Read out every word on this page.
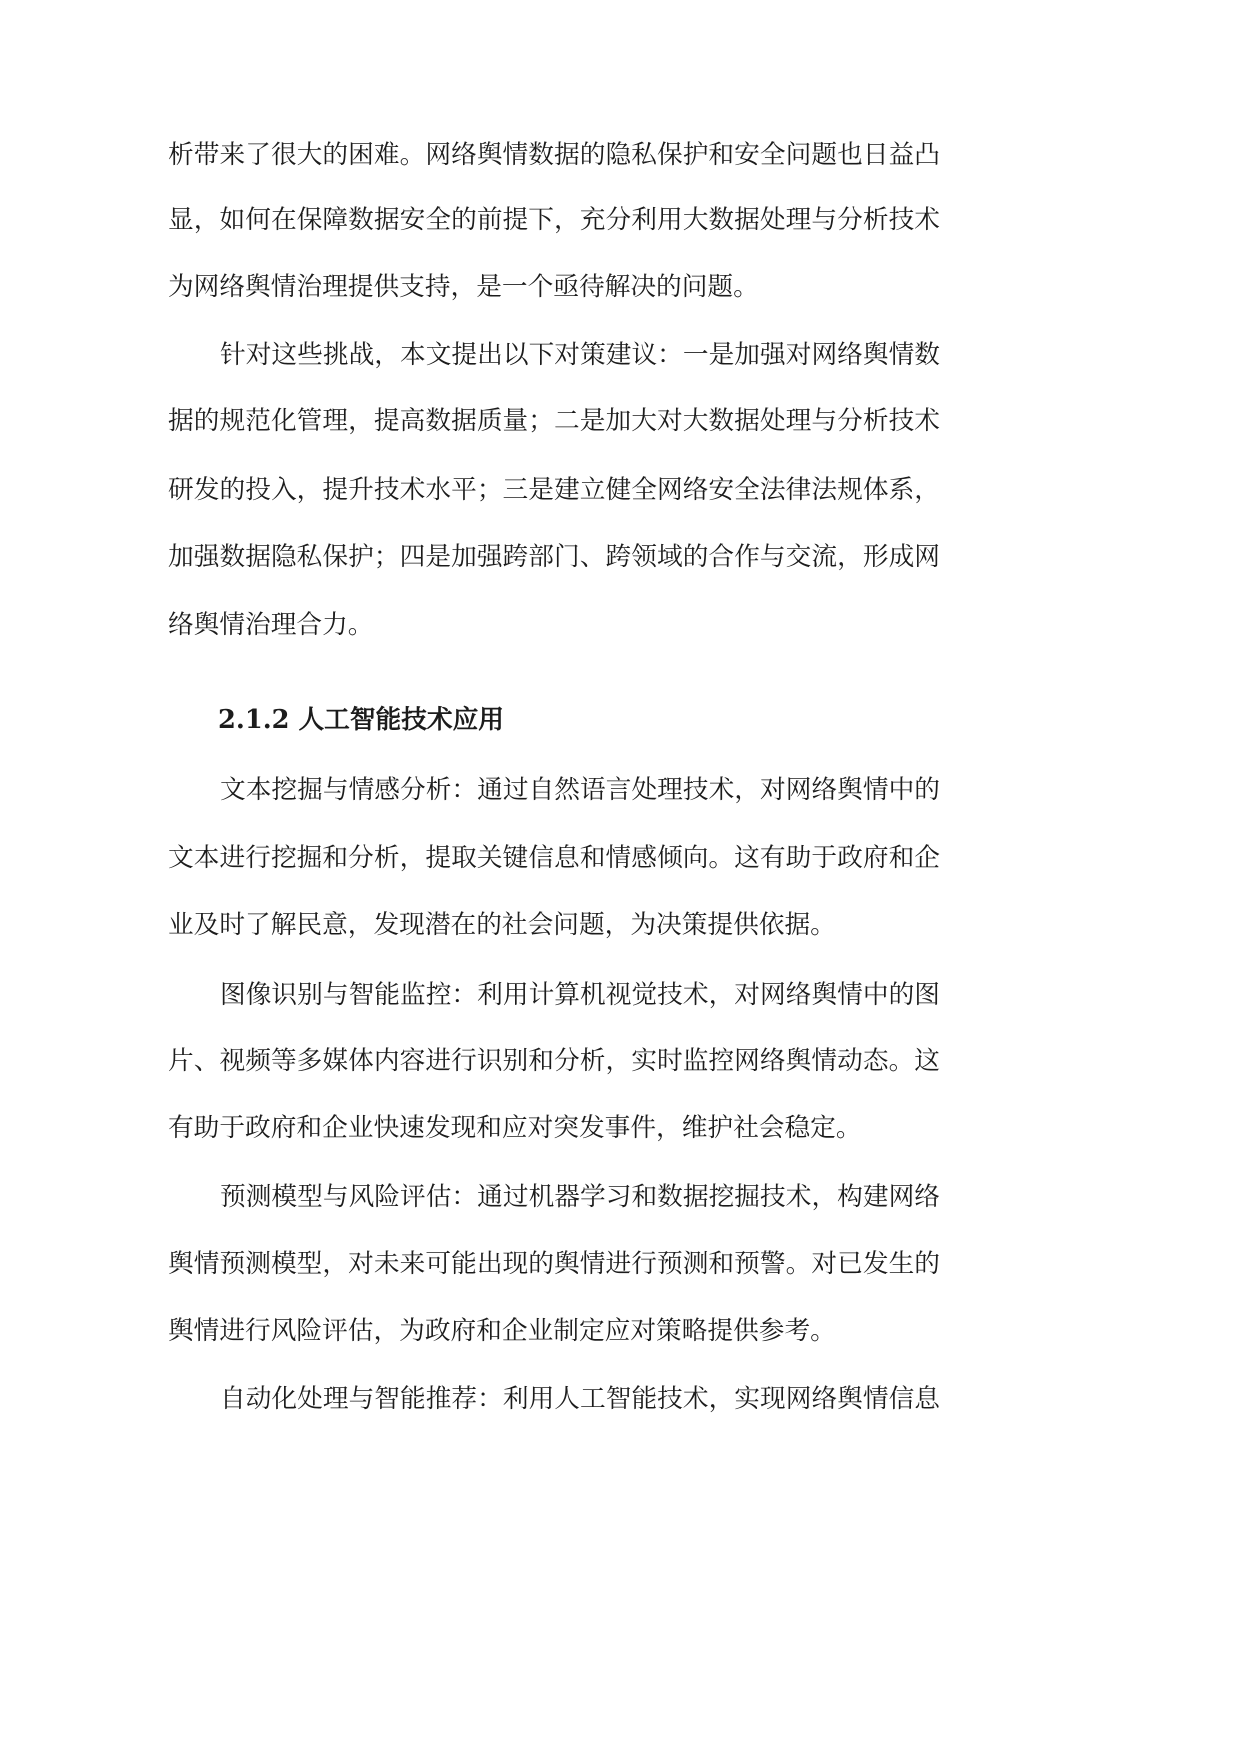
析带来了很大的困难。网络舆情数据的隐私保护和安全问题也日益凸
显，如何在保障数据安全的前提下，充分利用大数据处理与分析技术
为网络舆情治理提供支持，是一个亟待解决的问题。
针对这些挑战，本文提出以下对策建议：一是加强对网络舆情数
据的规范化管理，提高数据质量；二是加大对大数据处理与分析技术
研发的投入，提升技术水平；三是建立健全网络安全法律法规体系，
加强数据隐私保护；四是加强跨部门、跨领域的合作与交流，形成网
络舆情治理合力。
2.1.2 人工智能技术应用
文本挖掘与情感分析：通过自然语言处理技术，对网络舆情中的
文本进行挖掘和分析，提取关键信息和情感倾向。这有助于政府和企
业及时了解民意，发现潜在的社会问题，为决策提供依据。
图像识别与智能监控：利用计算机视觉技术，对网络舆情中的图
片、视频等多媒体内容进行识别和分析，实时监控网络舆情动态。这
有助于政府和企业快速发现和应对突发事件，维护社会稳定。
预测模型与风险评估：通过机器学习和数据挖掘技术，构建网络
舆情预测模型，对未来可能出现的舆情进行预测和预警。对已发生的
舆情进行风险评估，为政府和企业制定应对策略提供参考。
自动化处理与智能推荐：利用人工智能技术，实现网络舆情信息
